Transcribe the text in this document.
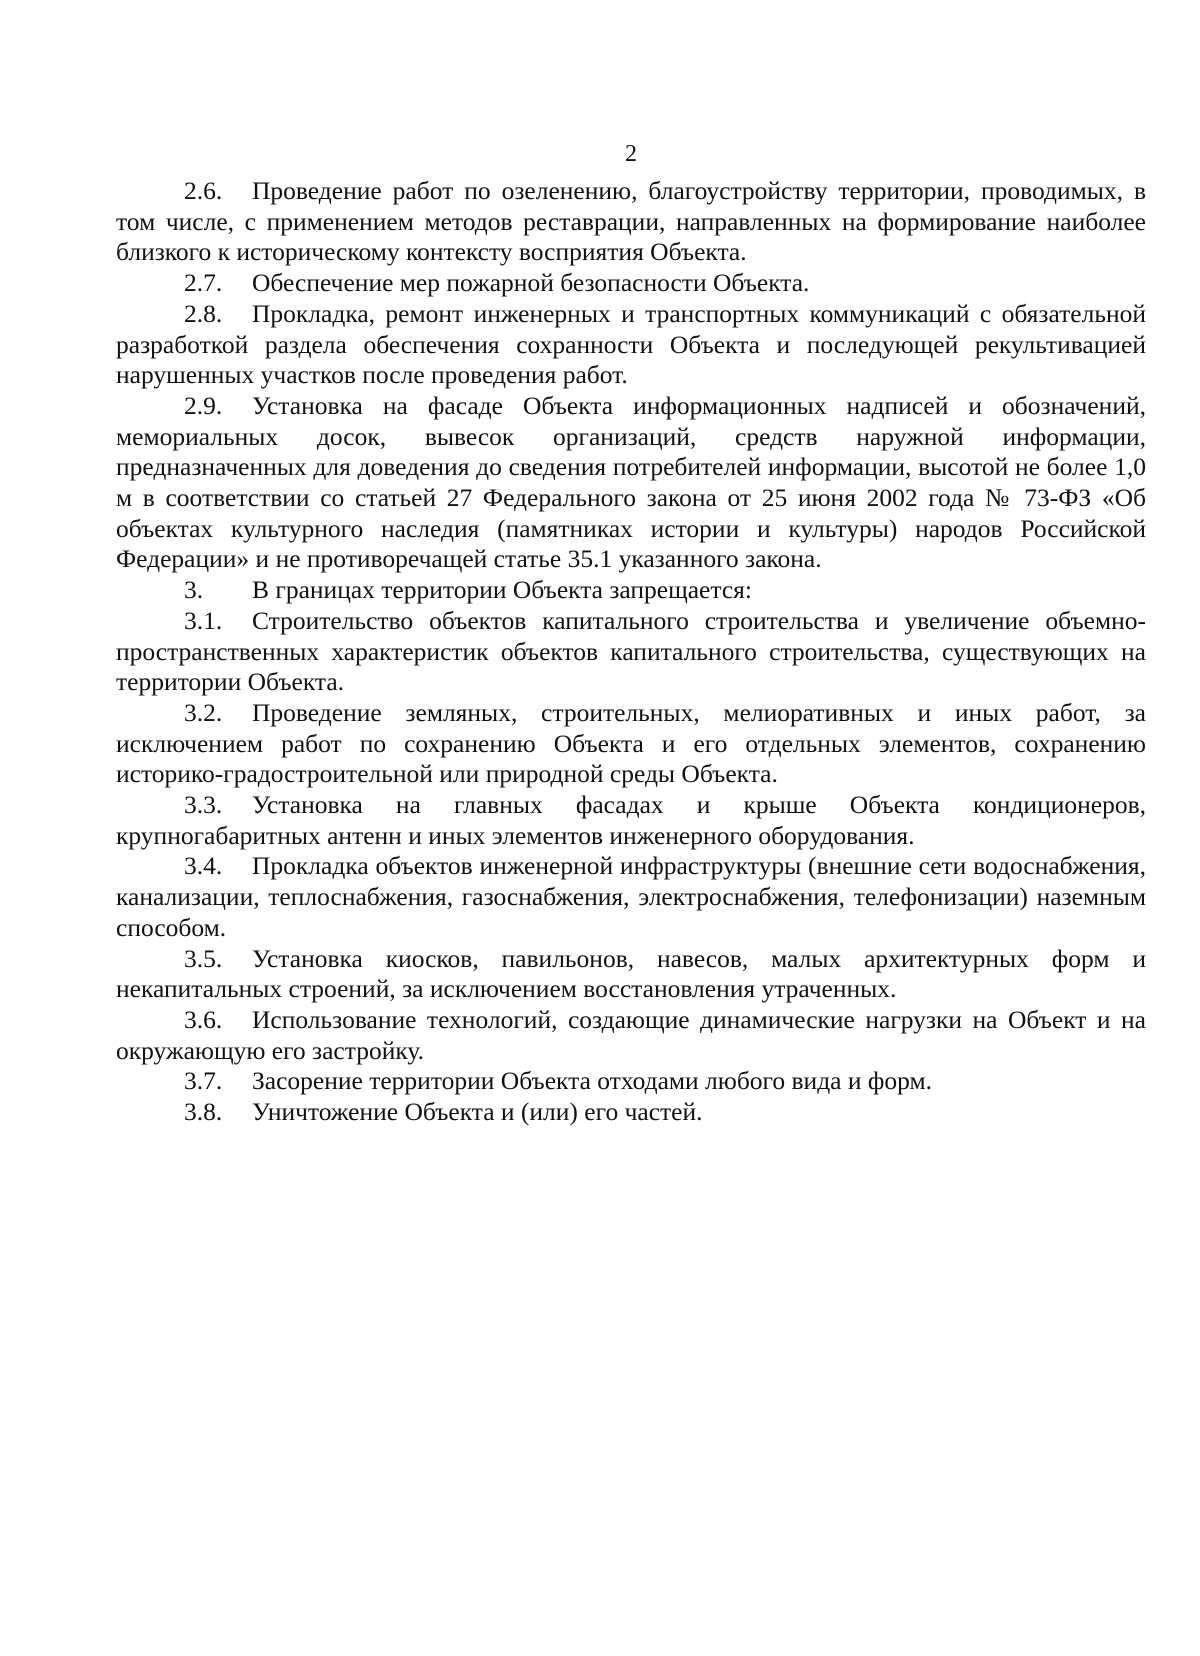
2

2.6. Проведение работ по озеленению, благоустройству территории, проводимых, в том числе, с применением методов реставрации, направленных на формирование наиболее близкого к историческому контексту восприятия Объекта.

2.7. Обеспечение мер пожарной безопасности Объекта.

2.8. Прокладка, ремонт инженерных и транспортных коммуникаций с обязательной разработкой раздела обеспечения сохранности Объекта и последующей рекультивацией нарушенных участков после проведения работ.

2.9. Установка на фасаде Объекта информационных надписей и обозначений, мемориальных досок, вывесок организаций, средств наружной информации, предназначенных для доведения до сведения потребителей информации, высотой не более 1,0 м в соответствии со статьей 27 Федерального закона от 25 июня 2002 года № 73-ФЗ «Об объектах культурного наследия (памятниках истории и культуры) народов Российской Федерации» и не противоречащей статье 35.1 указанного закона.

3. В границах территории Объекта запрещается:

3.1. Строительство объектов капитального строительства и увеличение объемно-пространственных характеристик объектов капитального строительства, существующих на территории Объекта.

3.2. Проведение земляных, строительных, мелиоративных и иных работ, за исключением работ по сохранению Объекта и его отдельных элементов, сохранению историко-градостроительной или природной среды Объекта.

3.3. Установка на главных фасадах и крыше Объекта кондиционеров, крупногабаритных антенн и иных элементов инженерного оборудования.

3.4. Прокладка объектов инженерной инфраструктуры (внешние сети водоснабжения, канализации, теплоснабжения, газоснабжения, электроснабжения, телефонизации) наземным способом.

3.5. Установка киосков, павильонов, навесов, малых архитектурных форм и некапитальных строений, за исключением восстановления утраченных.

3.6. Использование технологий, создающие динамические нагрузки на Объект и на окружающую его застройку.

3.7. Засорение территории Объекта отходами любого вида и форм.

3.8. Уничтожение Объекта и (или) его частей.
